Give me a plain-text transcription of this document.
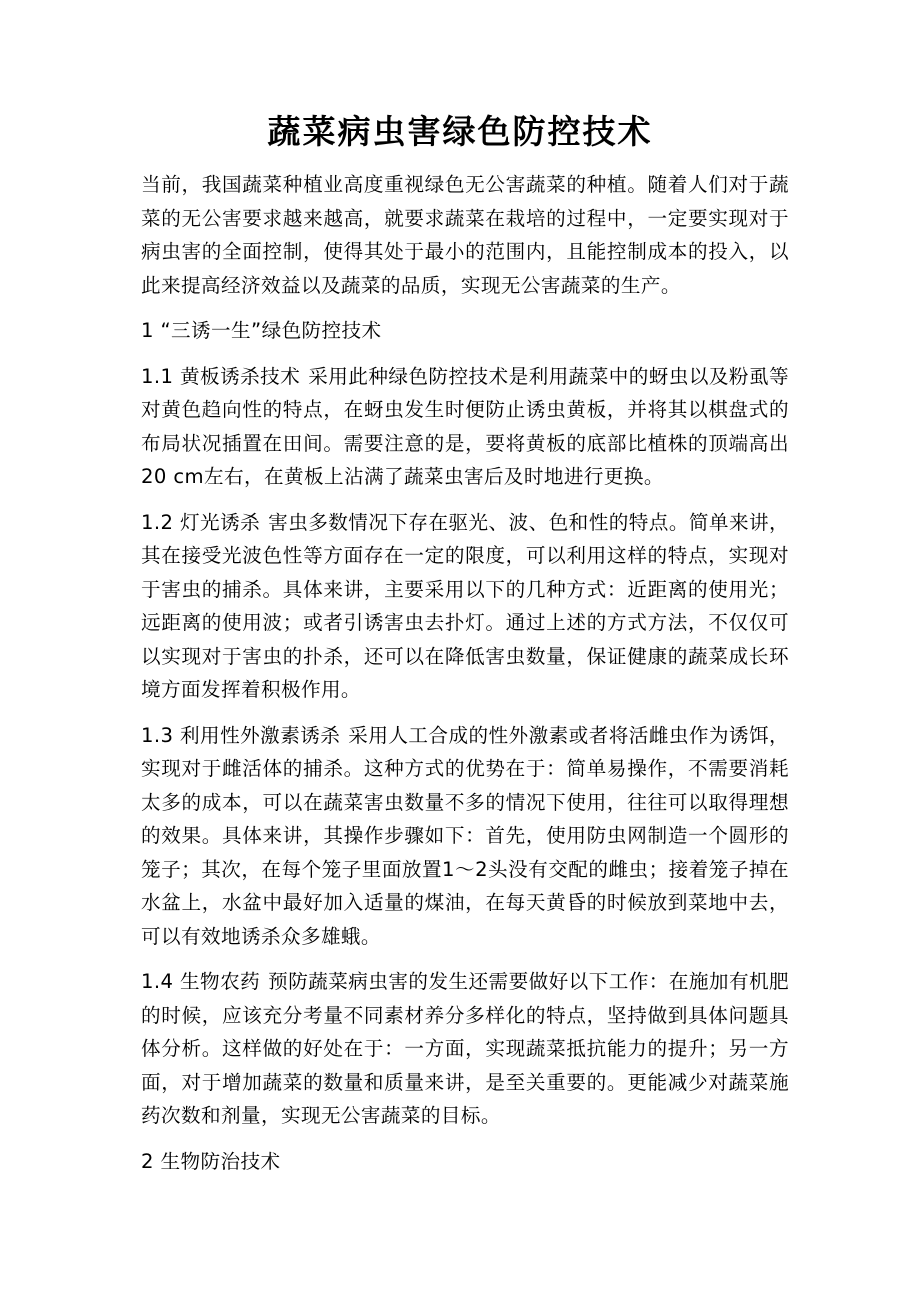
蔬菜病虫害绿色防控技术

当前，我国蔬菜种植业高度重视绿色无公害蔬菜的种植。随着人们对于蔬菜的无公害要求越来越高，就要求蔬菜在栽培的过程中，一定要实现对于病虫害的全面控制，使得其处于最小的范围内，且能控制成本的投入，以此来提高经济效益以及蔬菜的品质，实现无公害蔬菜的生产。

1 “三诱一生”绿色防控技术

1.1 黄板诱杀技术 采用此种绿色防控技术是利用蔬菜中的蚜虫以及粉虱等对黄色趋向性的特点，在蚜虫发生时便防止诱虫黄板，并将其以棋盘式的布局状况插置在田间。需要注意的是，要将黄板的底部比植株的顶端高出20 cm左右，在黄板上沾满了蔬菜虫害后及时地进行更换。

1.2 灯光诱杀 害虫多数情况下存在驱光、波、色和性的特点。简单来讲，其在接受光波色性等方面存在一定的限度，可以利用这样的特点，实现对于害虫的捕杀。具体来讲，主要采用以下的几种方式：近距离的使用光；远距离的使用波；或者引诱害虫去扑灯。通过上述的方式方法，不仅仅可以实现对于害虫的扑杀，还可以在降低害虫数量，保证健康的蔬菜成长环境方面发挥着积极作用。

1.3 利用性外激素诱杀 采用人工合成的性外激素或者将活雌虫作为诱饵，实现对于雌活体的捕杀。这种方式的优势在于：简单易操作，不需要消耗太多的成本，可以在蔬菜害虫数量不多的情况下使用，往往可以取得理想的效果。具体来讲，其操作步骤如下：首先，使用防虫网制造一个圆形的笼子；其次，在每个笼子里面放置1～2头没有交配的雌虫；接着笼子掉在水盆上，水盆中最好加入适量的煤油，在每天黄昏的时候放到菜地中去，可以有效地诱杀众多雄蛾。

1.4 生物农药 预防蔬菜病虫害的发生还需要做好以下工作：在施加有机肥的时候，应该充分考量不同素材养分多样化的特点，坚持做到具体问题具体分析。这样做的好处在于：一方面，实现蔬菜抵抗能力的提升；另一方面，对于增加蔬菜的数量和质量来讲，是至关重要的。更能减少对蔬菜施药次数和剂量，实现无公害蔬菜的目标。

2 生物防治技术
